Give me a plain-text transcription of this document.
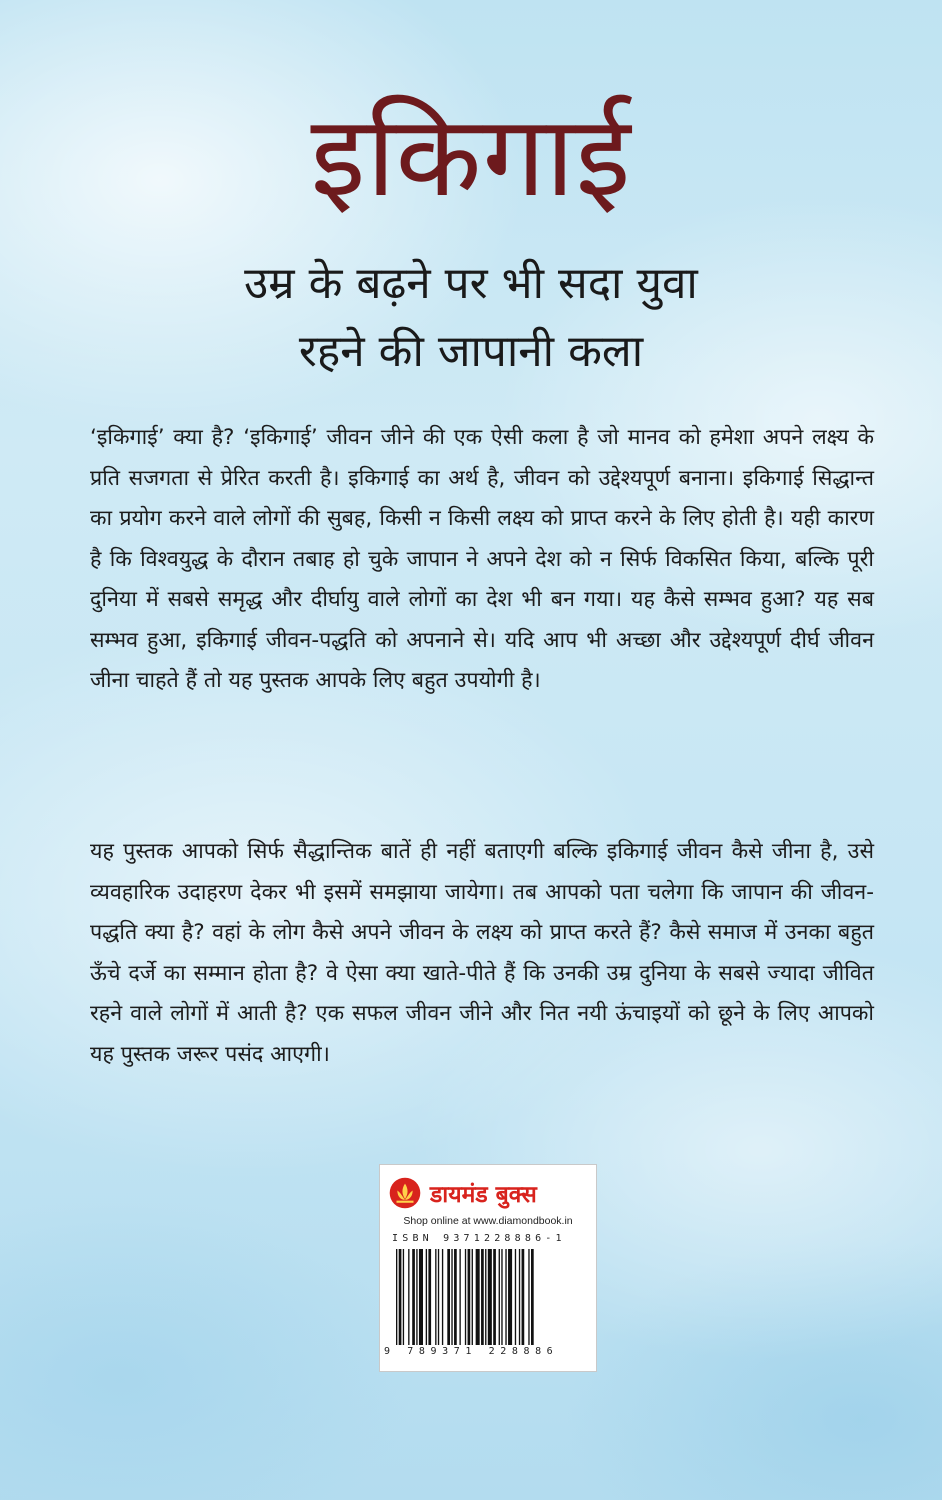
इकिगाई
उम्र के बढ़ने पर भी सदा युवा
रहने की जापानी कला

‘इकिगाई’ क्या है? ‘इकिगाई’ जीवन जीने की एक ऐसी कला है जो मानव को हमेशा अपने लक्ष्य के प्रति सजगता से प्रेरित करती है। इकिगाई का अर्थ है, जीवन को उद्देश्यपूर्ण बनाना। इकिगाई सिद्धान्त का प्रयोग करने वाले लोगों की सुबह, किसी न किसी लक्ष्य को प्राप्त करने के लिए होती है। यही कारण है कि विश्वयुद्ध के दौरान तबाह हो चुके जापान ने अपने देश को न सिर्फ विकसित किया, बल्कि पूरी दुनिया में सबसे समृद्ध और दीर्घायु वाले लोगों का देश भी बन गया। यह कैसे सम्भव हुआ? यह सब सम्भव हुआ, इकिगाई जीवन-पद्धति को अपनाने से। यदि आप भी अच्छा और उद्देश्यपूर्ण दीर्घ जीवन जीना चाहते हैं तो यह पुस्तक आपके लिए बहुत उपयोगी है।

यह पुस्तक आपको सिर्फ सैद्धान्तिक बातें ही नहीं बताएगी बल्कि इकिगाई जीवन कैसे जीना है, उसे व्यवहारिक उदाहरण देकर भी इसमें समझाया जायेगा। तब आपको पता चलेगा कि जापान की जीवन-पद्धति क्या है? वहां के लोग कैसे अपने जीवन के लक्ष्य को प्राप्त करते हैं? कैसे समाज में उनका बहुत ऊँचे दर्जे का सम्मान होता है? वे ऐसा क्या खाते-पीते हैं कि उनकी उम्र दुनिया के सबसे ज्यादा जीवित रहने वाले लोगों में आती है? एक सफल जीवन जीने और नित नयी ऊंचाइयों को छूने के लिए आपको यह पुस्तक जरूर पसंद आएगी।

डायमंड बुक्स
Shop online at www.diamondbook.in
ISBN 9371228886-1
9 789371 228886
